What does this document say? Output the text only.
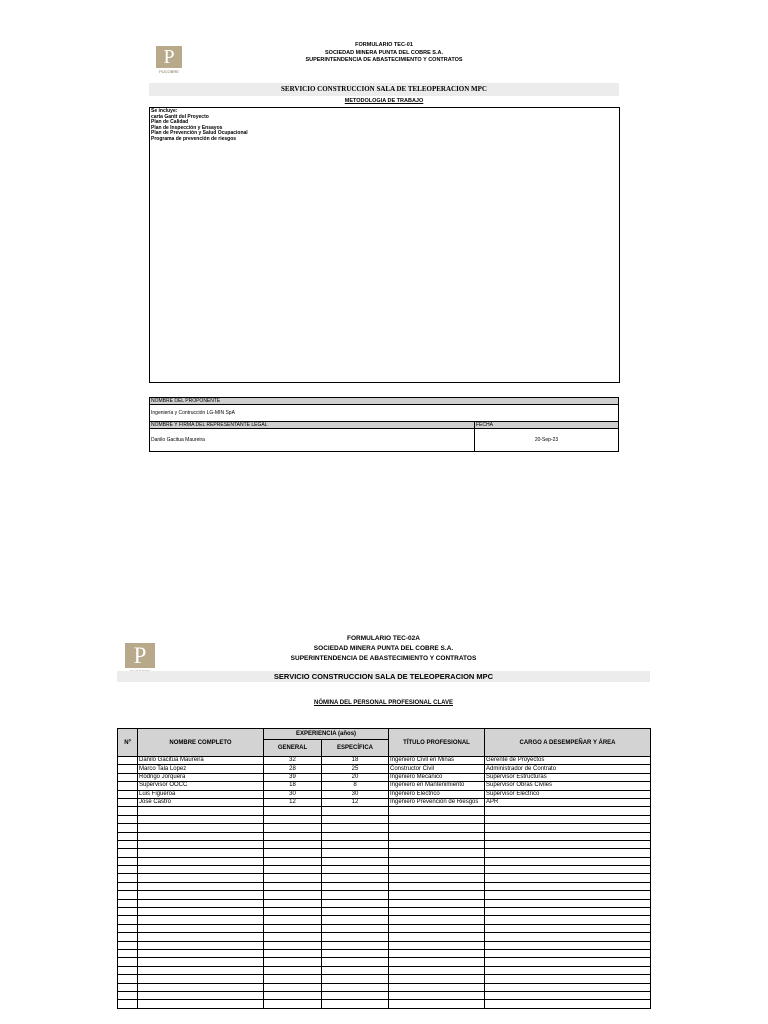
P
PUCOBRE
FORMULARIO TEC-01
SOCIEDAD MINERA PUNTA DEL COBRE S.A.
SUPERINTENDENCIA DE ABASTECIMIENTO Y CONTRATOS
SERVICIO CONSTRUCCION SALA DE TELEOPERACION MPC
METODOLOGIA DE TRABAJO
Se incluye:
carta Gantt del Proyecto
Plan de Calidad
Plan de Inspección y Ensayos
Plan de Prevención y Salud Ocupacional
Programa de prevención de riesgos
NOMBRE DEL PROPONENTE	
Ingeniería y Contrucción LG-MIN SpA	
NOMBRE Y FIRMA DEL REPRESENTANTE LEGAL	FECHA
Danilo Gacitua Maureira	20-Sep-23
P
FORMULARIO TEC-02A
SOCIEDAD MINERA PUNTA DEL COBRE S.A.
SUPERINTENDENCIA DE ABASTECIMIENTO Y CONTRATOS
SERVICIO CONSTRUCCION SALA DE TELEOPERACION MPC
NÓMINA DEL PERSONAL PROFESIONAL CLAVE
Nº	NOMBRE COMPLETO	EXPERIENCIA (años)		TÍTULO PROFESIONAL	CARGO A DESEMPEÑAR Y ÁREA
		GENERAL	ESPECÍFICA		
	Danilo Gacitua Maureira	32	18	Ingeniero Civil en Minas	Gerente de Proyectos
	Marco Tala Lopez	28	25	Constructor Civil	Administrador de Contrato
	Rodrigo Jorquera	39	20	Ingeniero Mecánico	Supervisor Estructuras
	Supervisor OOCC	18	8	Ingeniero en Mantenimiento	Supervisor Obras Civiles
	Luis Figueroa	30	30	Ingeniero Electrico	Supervisor Electrico
	José Castro	12	12	Ingeniero Prevención de Riesgos	APR
